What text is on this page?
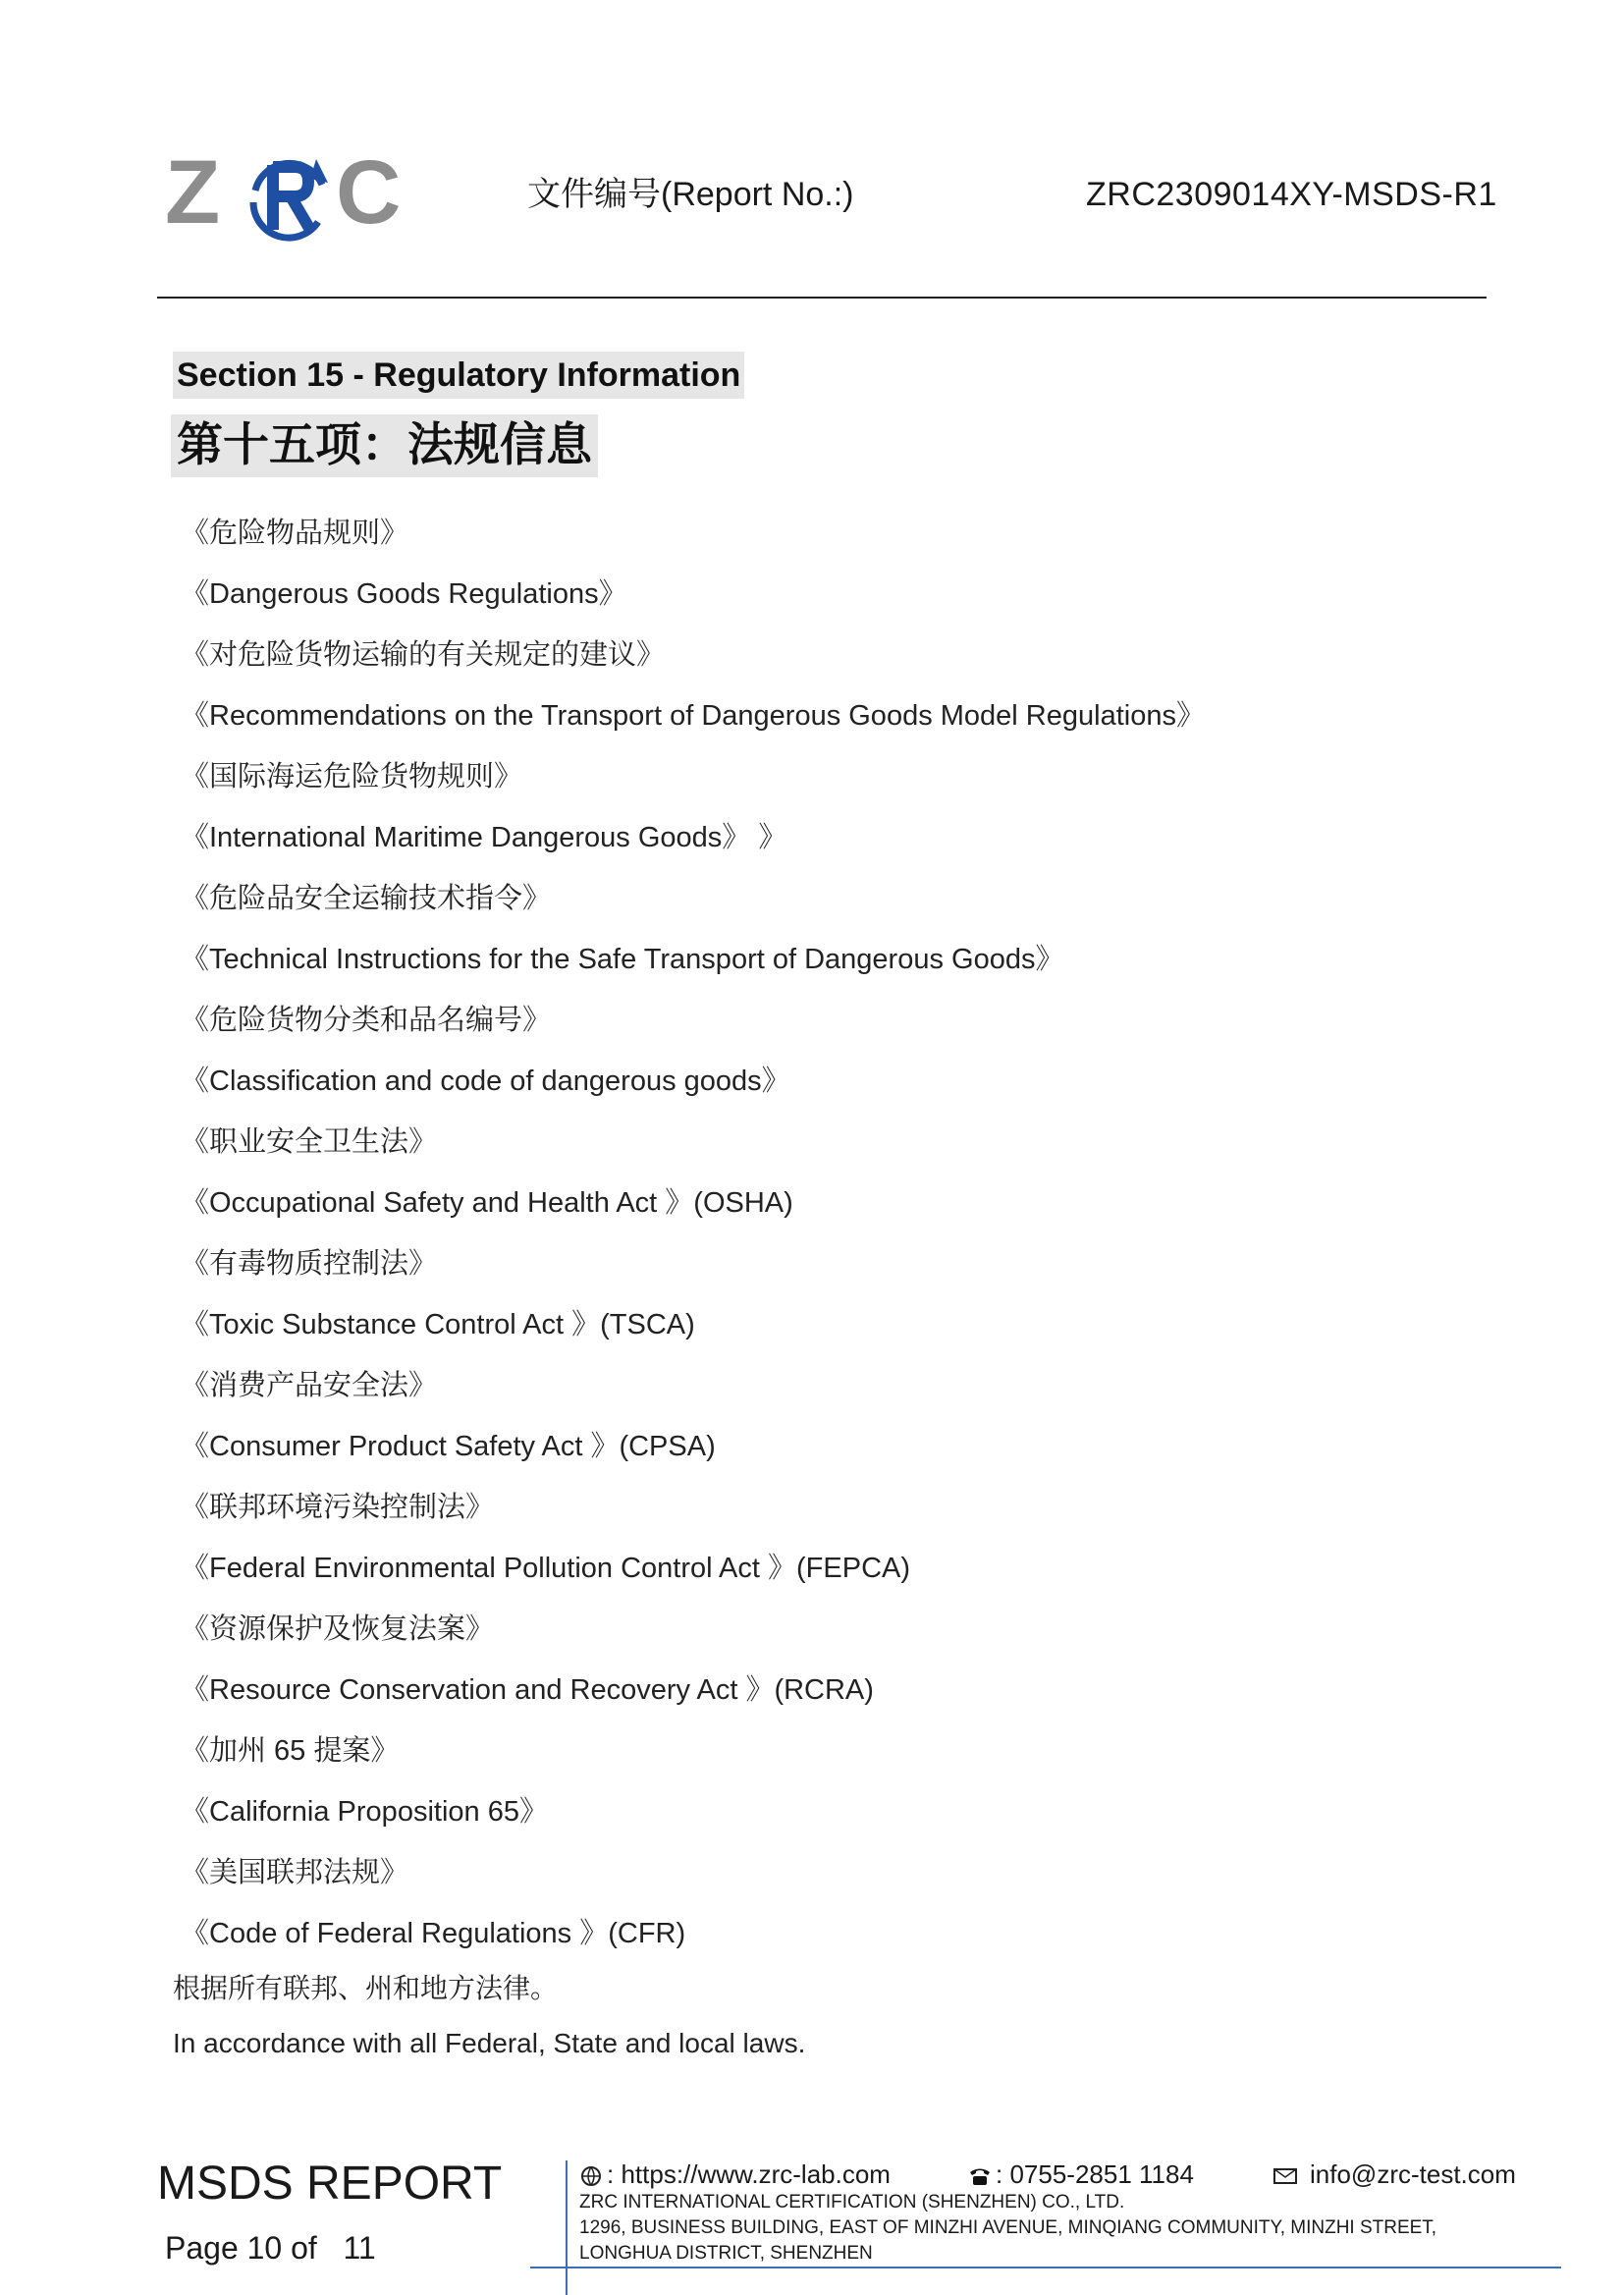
Z C	文件编号(Report No.:)	ZRC2309014XY-MSDS-R1
Section 15 - Regulatory Information
第十五项：法规信息
《危险物品规则》
《Dangerous Goods Regulations》
《对危险货物运输的有关规定的建议》
《Recommendations on the Transport of Dangerous Goods Model Regulations》
《国际海运危险货物规则》
《International Maritime Dangerous Goods》 》
《危险品安全运输技术指令》
《Technical Instructions for the Safe Transport of Dangerous Goods》
《危险货物分类和品名编号》
《Classification and code of dangerous goods》
《职业安全卫生法》
《Occupational Safety and Health Act 》(OSHA)
《有毒物质控制法》
《Toxic Substance Control Act 》(TSCA)
《消费产品安全法》
《Consumer Product Safety Act 》(CPSA)
《联邦环境污染控制法》
《Federal Environmental Pollution Control Act 》(FEPCA)
《资源保护及恢复法案》
《Resource Conservation and Recovery Act 》(RCRA)
《加州 65 提案》
《California Proposition 65》
《美国联邦法规》
《Code of Federal Regulations 》(CFR)
根据所有联邦、州和地方法律。
In accordance with all Federal, State and local laws.
MSDS REPORT
Page 10 of   11
: https://www.zrc-lab.com	: 0755-2851 1184	info@zrc-test.com
ZRC INTERNATIONAL CERTIFICATION (SHENZHEN) CO., LTD.
1296, BUSINESS BUILDING, EAST OF MINZHI AVENUE, MINQIANG COMMUNITY, MINZHI STREET,
LONGHUA DISTRICT, SHENZHEN
